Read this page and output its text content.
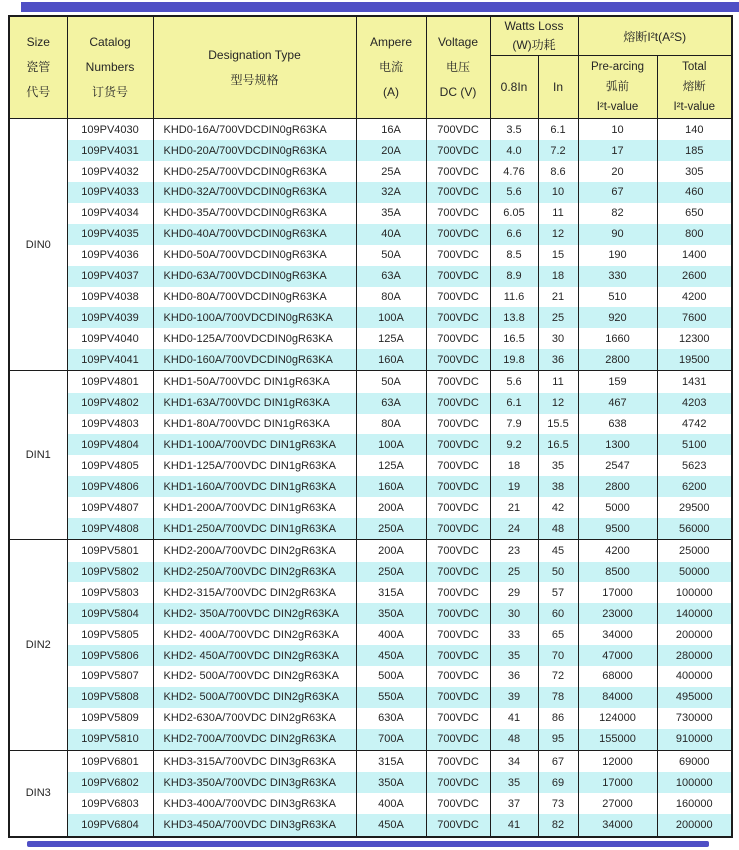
Size
瓷管
代号

Catalog
Numbers
订货号

Designation Type
型号规格

Ampere
电流
(A)

Voltage
电压
DC (V)

Watts Loss
(W)功耗
	熔断I²t(A²S)
0.8In	In	
Pre-arcing
弧前
I²t-value

Total
熔断
I²t-value

DIN0	109PV4030	KHD0-16A/700VDCDIN0gR63KA	16A	700VDC	3.5	6.1	10	140
	109PV4031	KHD0-20A/700VDCDIN0gR63KA	20A	700VDC	4.0	7.2	17	185
	109PV4032	KHD0-25A/700VDCDIN0gR63KA	25A	700VDC	4.76	8.6	20	305
	109PV4033	KHD0-32A/700VDCDIN0gR63KA	32A	700VDC	5.6	10	67	460
	109PV4034	KHD0-35A/700VDCDIN0gR63KA	35A	700VDC	6.05	11	82	650
	109PV4035	KHD0-40A/700VDCDIN0gR63KA	40A	700VDC	6.6	12	90	800
	109PV4036	KHD0-50A/700VDCDIN0gR63KA	50A	700VDC	8.5	15	190	1400
	109PV4037	KHD0-63A/700VDCDIN0gR63KA	63A	700VDC	8.9	18	330	2600
	109PV4038	KHD0-80A/700VDCDIN0gR63KA	80A	700VDC	11.6	21	510	4200
	109PV4039	KHD0-100A/700VDCDIN0gR63KA	100A	700VDC	13.8	25	920	7600
	109PV4040	KHD0-125A/700VDCDIN0gR63KA	125A	700VDC	16.5	30	1660	12300
	109PV4041	KHD0-160A/700VDCDIN0gR63KA	160A	700VDC	19.8	36	2800	19500
DIN1	109PV4801	KHD1-50A/700VDC DIN1gR63KA	50A	700VDC	5.6	11	159	1431
	109PV4802	KHD1-63A/700VDC DIN1gR63KA	63A	700VDC	6.1	12	467	4203
	109PV4803	KHD1-80A/700VDC DIN1gR63KA	80A	700VDC	7.9	15.5	638	4742
	109PV4804	KHD1-100A/700VDC DIN1gR63KA	100A	700VDC	9.2	16.5	1300	5100
	109PV4805	KHD1-125A/700VDC DIN1gR63KA	125A	700VDC	18	35	2547	5623
	109PV4806	KHD1-160A/700VDC DIN1gR63KA	160A	700VDC	19	38	2800	6200
	109PV4807	KHD1-200A/700VDC DIN1gR63KA	200A	700VDC	21	42	5000	29500
	109PV4808	KHD1-250A/700VDC DIN1gR63KA	250A	700VDC	24	48	9500	56000
DIN2	109PV5801	KHD2-200A/700VDC DIN2gR63KA	200A	700VDC	23	45	4200	25000
	109PV5802	KHD2-250A/700VDC DIN2gR63KA	250A	700VDC	25	50	8500	50000
	109PV5803	KHD2-315A/700VDC DIN2gR63KA	315A	700VDC	29	57	17000	100000
	109PV5804	KHD2- 350A/700VDC DIN2gR63KA	350A	700VDC	30	60	23000	140000
	109PV5805	KHD2- 400A/700VDC DIN2gR63KA	400A	700VDC	33	65	34000	200000
	109PV5806	KHD2- 450A/700VDC DIN2gR63KA	450A	700VDC	35	70	47000	280000
	109PV5807	KHD2- 500A/700VDC DIN2gR63KA	500A	700VDC	36	72	68000	400000
	109PV5808	KHD2- 500A/700VDC DIN2gR63KA	550A	700VDC	39	78	84000	495000
	109PV5809	KHD2-630A/700VDC DIN2gR63KA	630A	700VDC	41	86	124000	730000
	109PV5810	KHD2-700A/700VDC DIN2gR63KA	700A	700VDC	48	95	155000	910000
DIN3	109PV6801	KHD3-315A/700VDC DIN3gR63KA	315A	700VDC	34	67	12000	69000
	109PV6802	KHD3-350A/700VDC DIN3gR63KA	350A	700VDC	35	69	17000	100000
	109PV6803	KHD3-400A/700VDC DIN3gR63KA	400A	700VDC	37	73	27000	160000
	109PV6804	KHD3-450A/700VDC DIN3gR63KA	450A	700VDC	41	82	34000	200000
